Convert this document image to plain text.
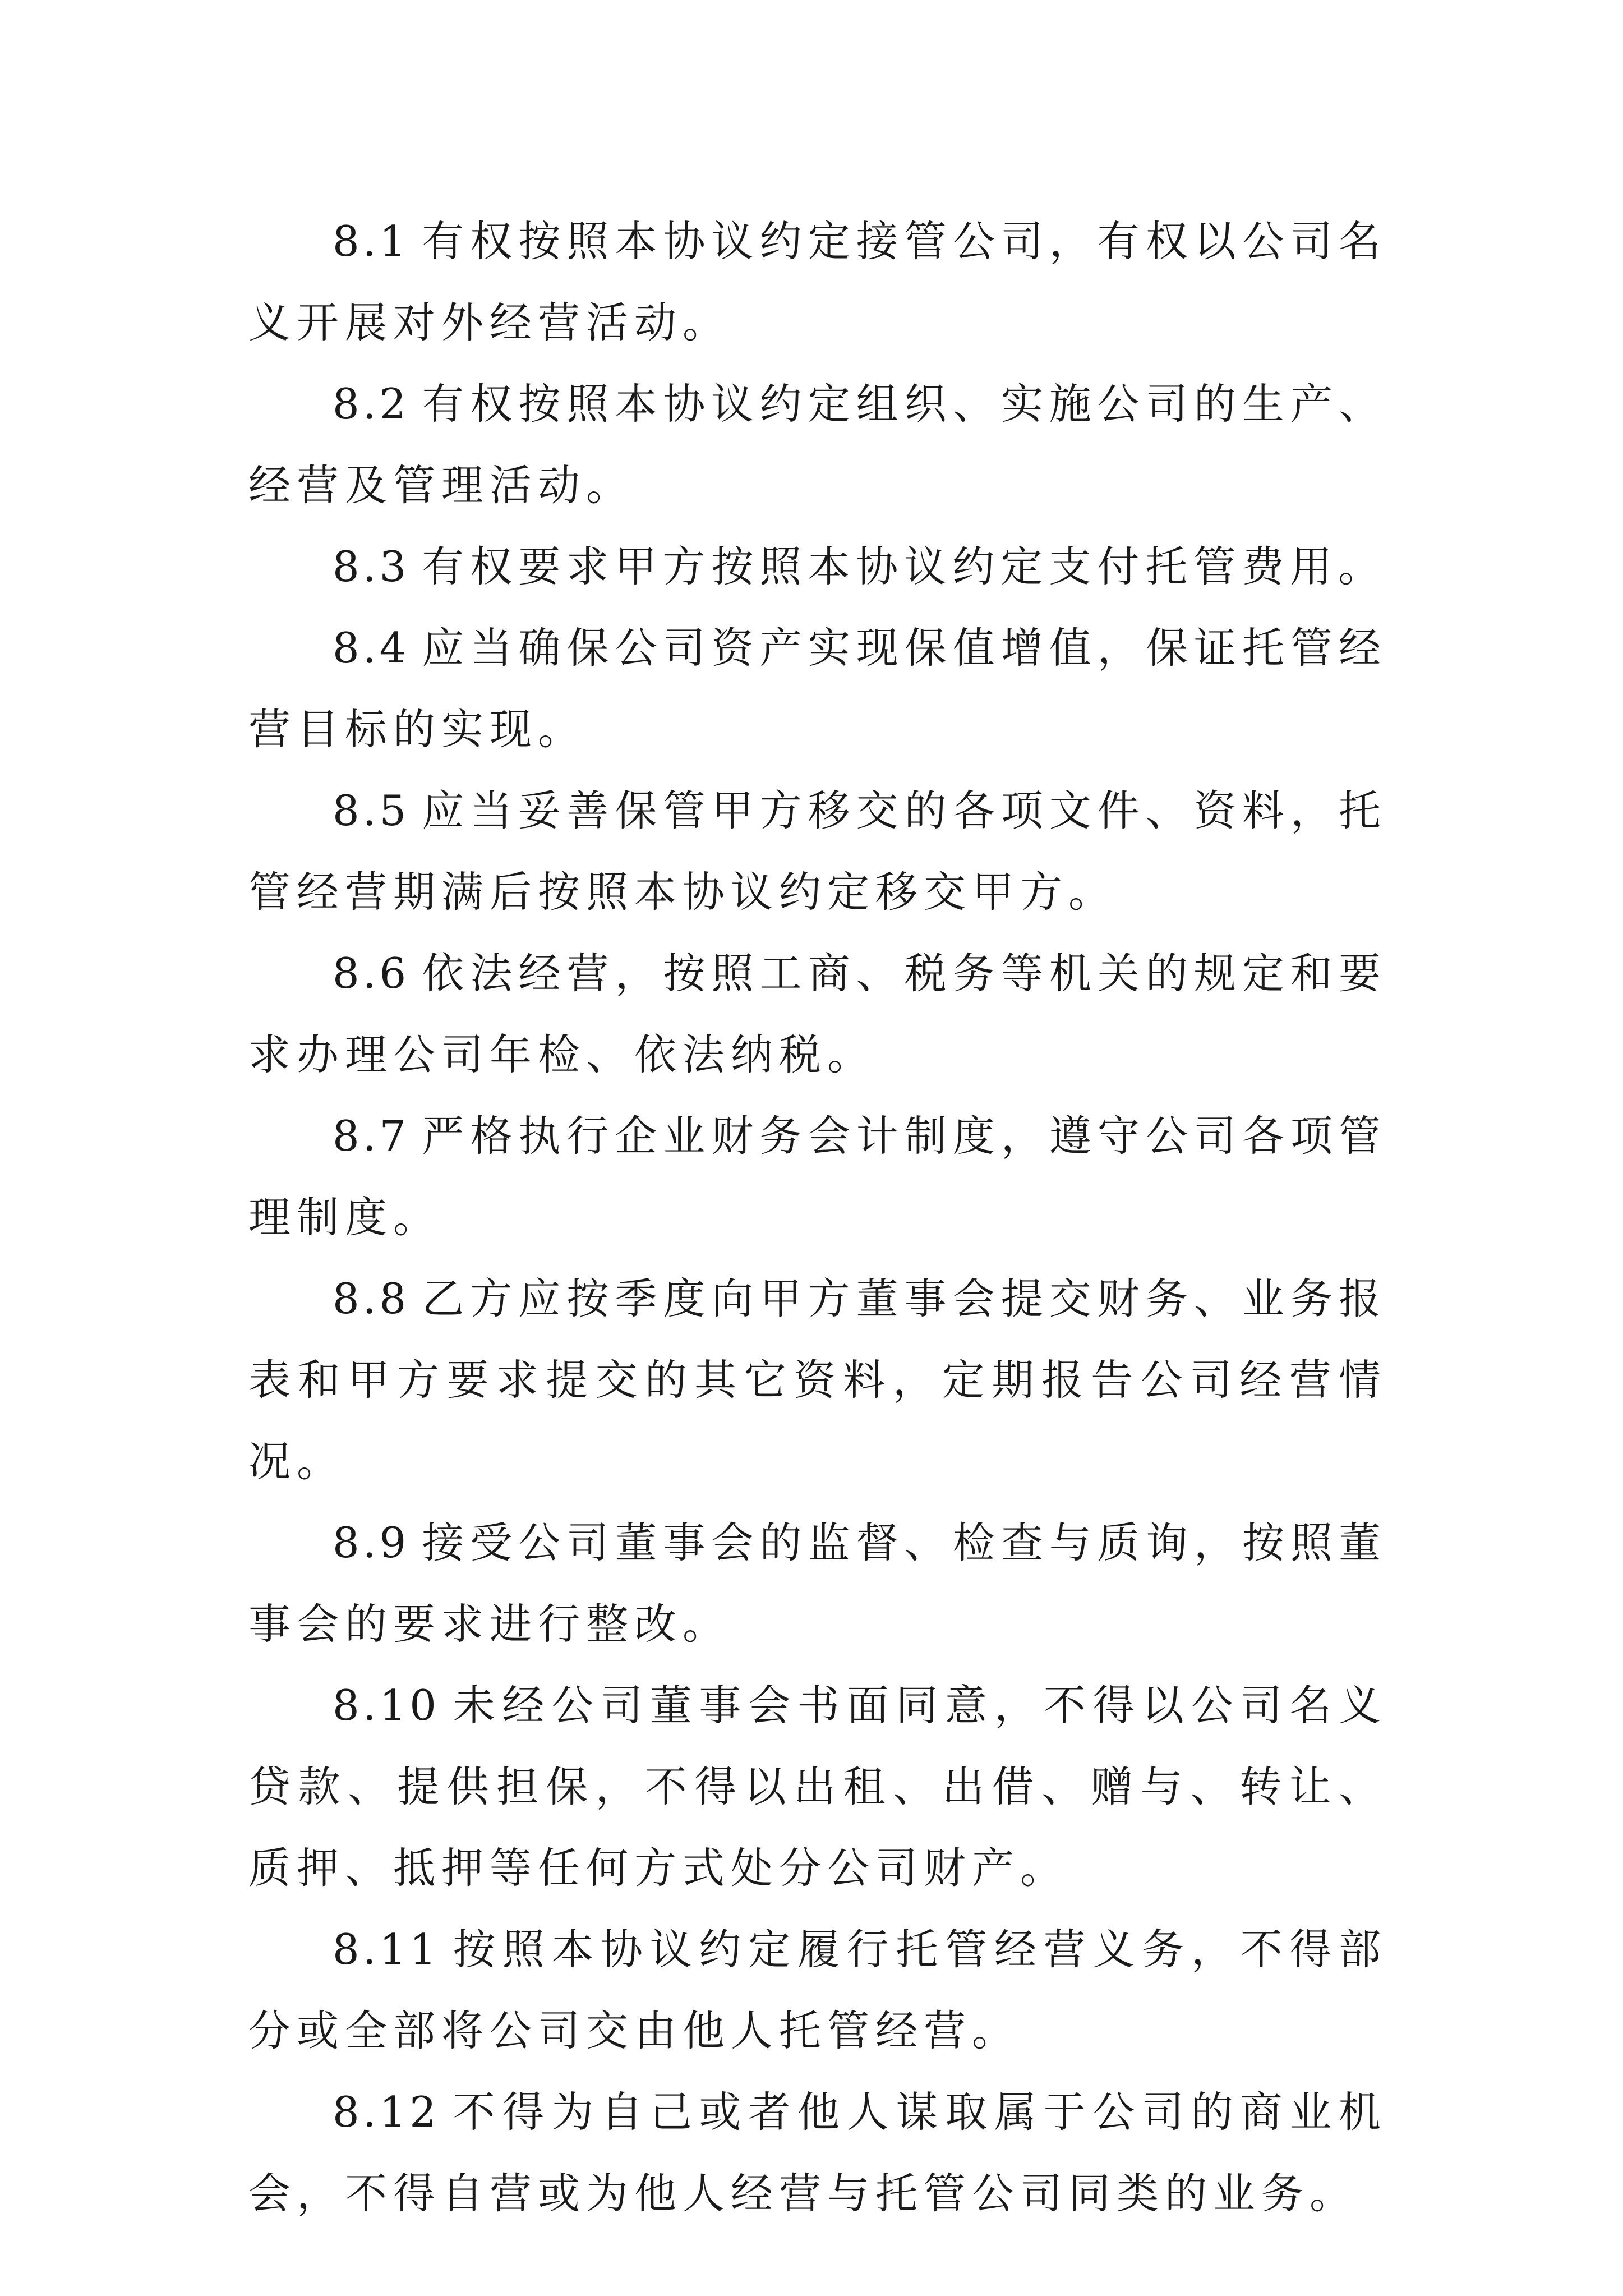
8.1 有权按照本协议约定接管公司，有权以公司名义开展对外经营活动。

8.2 有权按照本协议约定组织、实施公司的生产、经营及管理活动。

8.3 有权要求甲方按照本协议约定支付托管费用。

8.4 应当确保公司资产实现保值增值，保证托管经营目标的实现。

8.5 应当妥善保管甲方移交的各项文件、资料，托管经营期满后按照本协议约定移交甲方。

8.6 依法经营，按照工商、税务等机关的规定和要求办理公司年检、依法纳税。

8.7 严格执行企业财务会计制度，遵守公司各项管理制度。

8.8 乙方应按季度向甲方董事会提交财务、业务报表和甲方要求提交的其它资料，定期报告公司经营情况。

8.9 接受公司董事会的监督、检查与质询，按照董事会的要求进行整改。

8.10 未经公司董事会书面同意，不得以公司名义贷款、提供担保，不得以出租、出借、赠与、转让、质押、抵押等任何方式处分公司财产。

8.11 按照本协议约定履行托管经营义务，不得部分或全部将公司交由他人托管经营。

8.12 不得为自己或者他人谋取属于公司的商业机会，不得自营或为他人经营与托管公司同类的业务。
